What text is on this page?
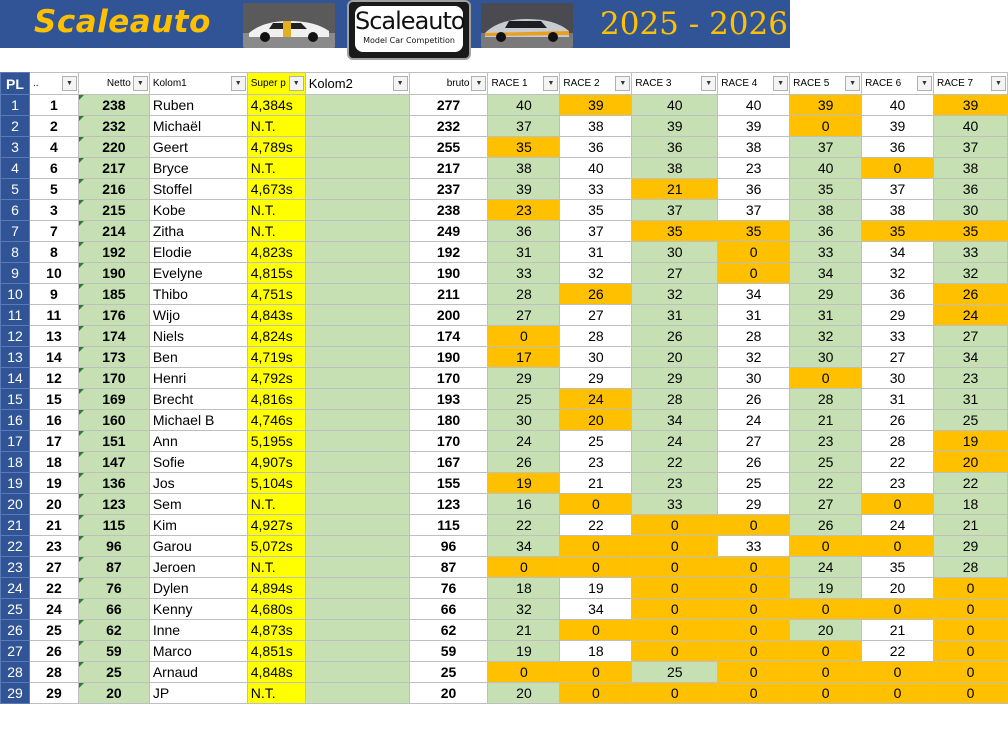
Scaleauto	Scaleauto
Model Car Competition	2025 - 2026
PL	.. ▼	Netto ▼	Kolom1 ▼	Super p ▼	Kolom2 ▼	bruto ▼	RACE 1 ▼	RACE 2 ▼	RACE 3 ▼	RACE 4 ▼	RACE 5 ▼	RACE 6 ▼	RACE 7 ▼

1	1	238	Ruben	4,384s		277	40	39	40	40	39	40	39
2	2	232	Michaël	N.T.		232	37	38	39	39	0	39	40
3	4	220	Geert	4,789s		255	35	36	36	38	37	36	37
4	6	217	Bryce	N.T.		217	38	40	38	23	40	0	38
5	5	216	Stoffel	4,673s		237	39	33	21	36	35	37	36
6	3	215	Kobe	N.T.		238	23	35	37	37	38	38	30
7	7	214	Zitha	N.T.		249	36	37	35	35	36	35	35
8	8	192	Elodie	4,823s		192	31	31	30	0	33	34	33
9	10	190	Evelyne	4,815s		190	33	32	27	0	34	32	32
10	9	185	Thibo	4,751s		211	28	26	32	34	29	36	26
11	11	176	Wijo	4,843s		200	27	27	31	31	31	29	24
12	13	174	Niels	4,824s		174	0	28	26	28	32	33	27
13	14	173	Ben	4,719s		190	17	30	20	32	30	27	34
14	12	170	Henri	4,792s		170	29	29	29	30	0	30	23
15	15	169	Brecht	4,816s		193	25	24	28	26	28	31	31
16	16	160	Michael B	4,746s		180	30	20	34	24	21	26	25
17	17	151	Ann	5,195s		170	24	25	24	27	23	28	19
18	18	147	Sofie	4,907s		167	26	23	22	26	25	22	20
19	19	136	Jos	5,104s		155	19	21	23	25	22	23	22
20	20	123	Sem	N.T.		123	16	0	33	29	27	0	18
21	21	115	Kim	4,927s		115	22	22	0	0	26	24	21
22	23	96	Garou	5,072s		96	34	0	0	33	0	0	29
23	27	87	Jeroen	N.T.		87	0	0	0	0	24	35	28
24	22	76	Dylen	4,894s		76	18	19	0	0	19	20	0
25	24	66	Kenny	4,680s		66	32	34	0	0	0	0	0
26	25	62	Inne	4,873s		62	21	0	0	0	20	21	0
27	26	59	Marco	4,851s		59	19	18	0	0	0	22	0
28	28	25	Arnaud	4,848s		25	0	0	25	0	0	0	0
29	29	20	JP	N.T.		20	20	0	0	0	0	0	0
